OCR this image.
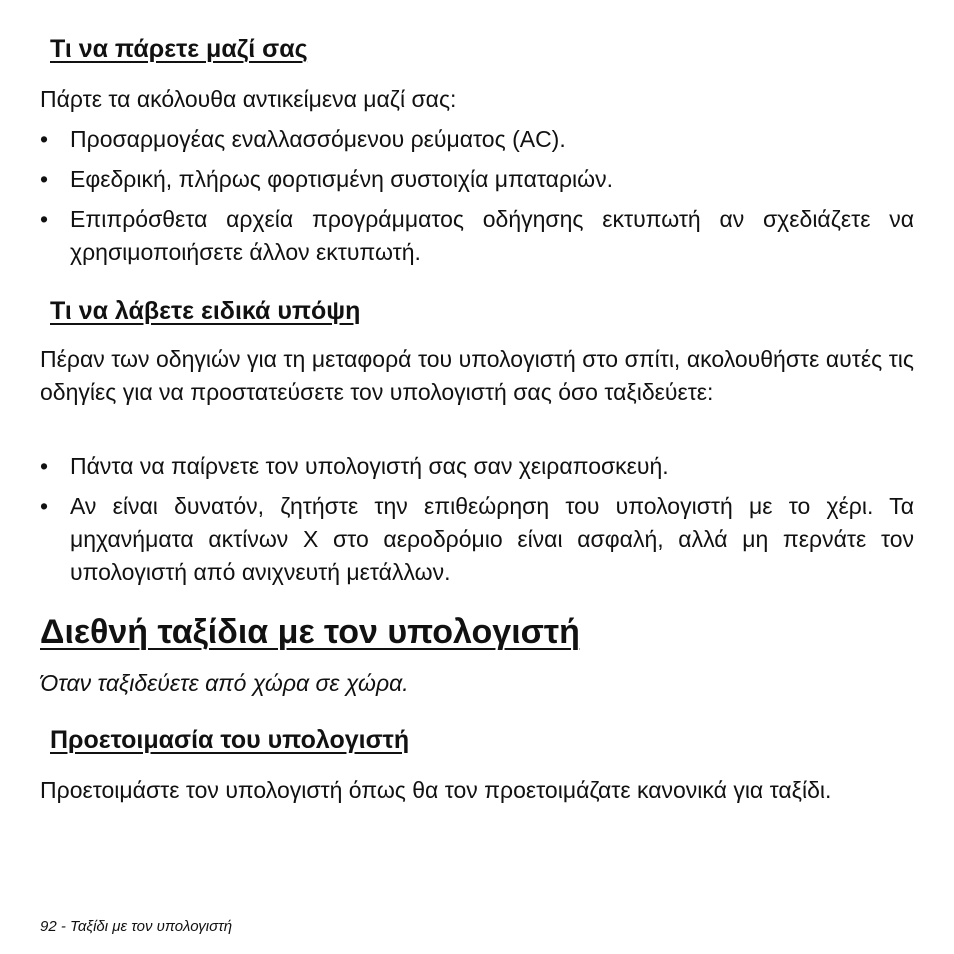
Τι να πάρετε μαζί σας
Πάρτε τα ακόλουθα αντικείμενα μαζί σας:
• Προσαρμογέας εναλλασσόμενου ρεύματος (AC).
• Εφεδρική, πλήρως φορτισμένη συστοιχία μπαταριών.
• Επιπρόσθετα αρχεία προγράμματος οδήγησης εκτυπωτή αν σχεδιάζετε να χρησιμοποιήσετε άλλον εκτυπωτή.
Τι να λάβετε ειδικά υπόψη
Πέραν των οδηγιών για τη μεταφορά του υπολογιστή στο σπίτι, ακολουθήστε αυτές τις οδηγίες για να προστατεύσετε τον υπολογιστή σας όσο ταξιδεύετε:
• Πάντα να παίρνετε τον υπολογιστή σας σαν χειραποσκευή.
• Αν είναι δυνατόν, ζητήστε την επιθεώρηση του υπολογιστή με το χέρι. Τα μηχανήματα ακτίνων X στο αεροδρόμιο είναι ασφαλή, αλλά μη περνάτε τον υπολογιστή από ανιχνευτή μετάλλων.
Διεθνή ταξίδια με τον υπολογιστή
Όταν ταξιδεύετε από χώρα σε χώρα.
Προετοιμασία του υπολογιστή
Προετοιμάστε τον υπολογιστή όπως θα τον προετοιμάζατε κανονικά για ταξίδι.
92 - Ταξίδι με τον υπολογιστή
